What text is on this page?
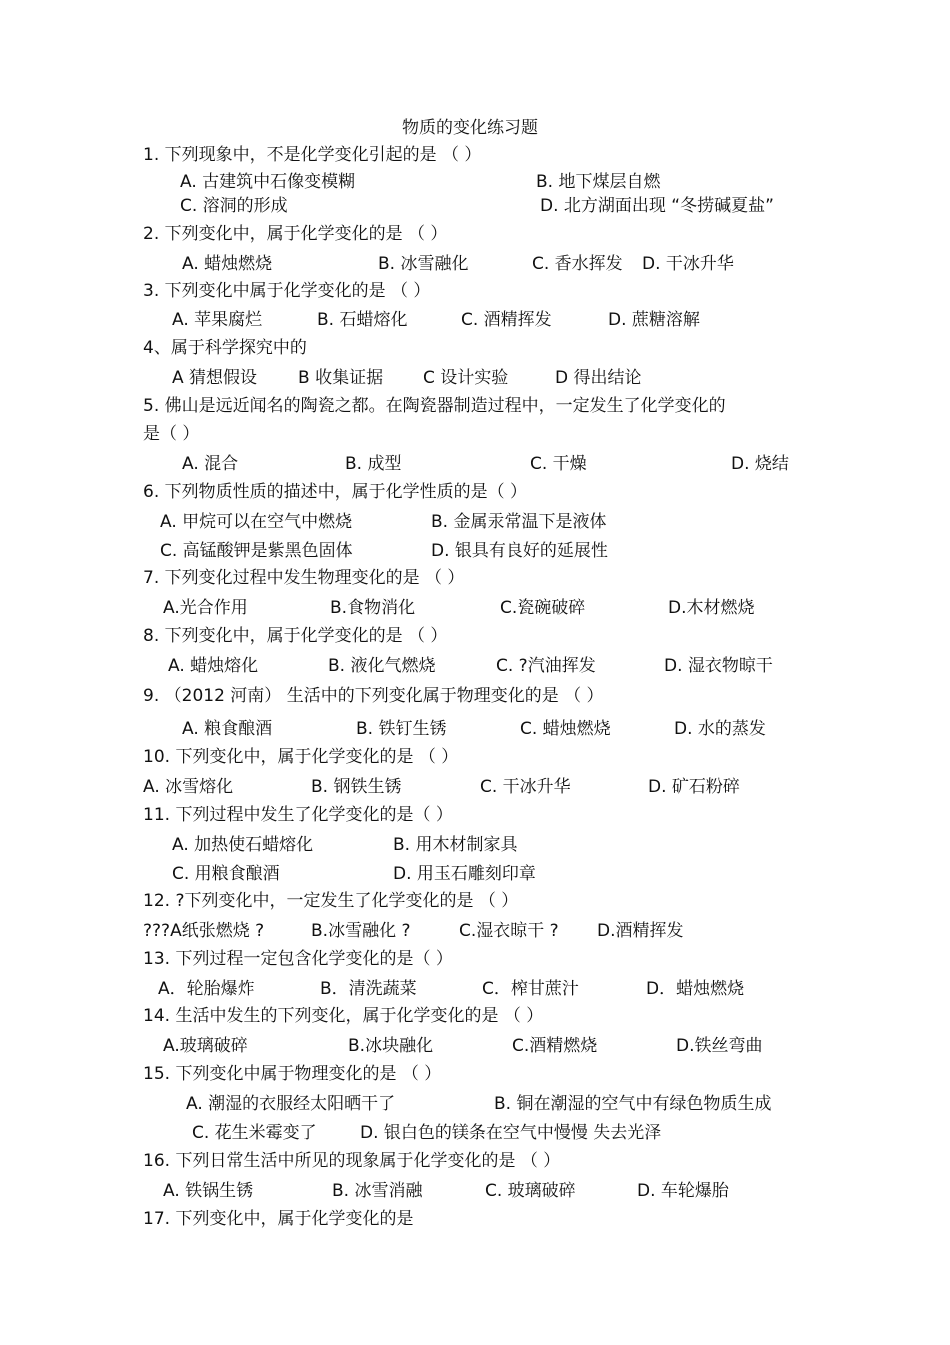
物质的变化练习题
1. 下列现象中，不是化学变化引起的是 （ ）
A. 古建筑中石像变模糊	B. 地下煤层自燃
C. 溶洞的形成	D. 北方湖面出现 “冬捞碱夏盐”
2. 下列变化中，属于化学变化的是 （ ）
A. 蜡烛燃烧	B. 冰雪融化	C. 香水挥发 D. 干冰升华
3. 下列变化中属于化学变化的是 （ ）
A. 苹果腐烂	B. 石蜡熔化	C. 酒精挥发	D. 蔗糖溶解
4、属于科学探究中的
A 猜想假设 B 收集证据 C 设计实验	D 得出结论
5. 佛山是远近闻名的陶瓷之都。在陶瓷器制造过程中，一定发生了化学变化的
是（ ）
A. 混合	B. 成型	C. 干燥	D. 烧结
6. 下列物质性质的描述中，属于化学性质的是（ ）
A. 甲烷可以在空气中燃烧	B. 金属汞常温下是液体
C. 高锰酸钾是紫黑色固体	D. 银具有良好的延展性
7. 下列变化过程中发生物理变化的是 （ ）
A.光合作用	B.食物消化	C.瓷碗破碎	D.木材燃烧
8. 下列变化中，属于化学变化的是 （ ）
A. 蜡烛熔化	B. 液化气燃烧	C. ?汽油挥发	D. 湿衣物晾干
9. （2012 河南） 生活中的下列变化属于物理变化的是 （ ）
A. 粮食酿酒	B. 铁钉生锈	C. 蜡烛燃烧	D. 水的蒸发
10. 下列变化中，属于化学变化的是 （ ）
A. 冰雪熔化	B. 钢铁生锈	C. 干冰升华	D. 矿石粉碎
11. 下列过程中发生了化学变化的是（ ）
A. 加热使石蜡熔化	B. 用木材制家具
C. 用粮食酿酒	D. 用玉石雕刻印章
12. ?下列变化中，一定发生了化学变化的是 （ ）
???A纸张燃烧 ?	B.冰雪融化 ?	C.湿衣晾干 ? D.酒精挥发
13. 下列过程一定包含化学变化的是（ ）
A．轮胎爆炸	B．清洗蔬菜	C．榨甘蔗汁	D．蜡烛燃烧
14. 生活中发生的下列变化，属于化学变化的是 （ ）
A.玻璃破碎	B.冰块融化	C.酒精燃烧	D.铁丝弯曲
15. 下列变化中属于物理变化的是 （ ）
A. 潮湿的衣服经太阳晒干了	B. 铜在潮湿的空气中有绿色物质生成
C. 花生米霉变了	D. 银白色的镁条在空气中慢慢 失去光泽
16. 下列日常生活中所见的现象属于化学变化的是 （ ）
A. 铁锅生锈	B. 冰雪消融	C. 玻璃破碎	D. 车轮爆胎
17. 下列变化中，属于化学变化的是
